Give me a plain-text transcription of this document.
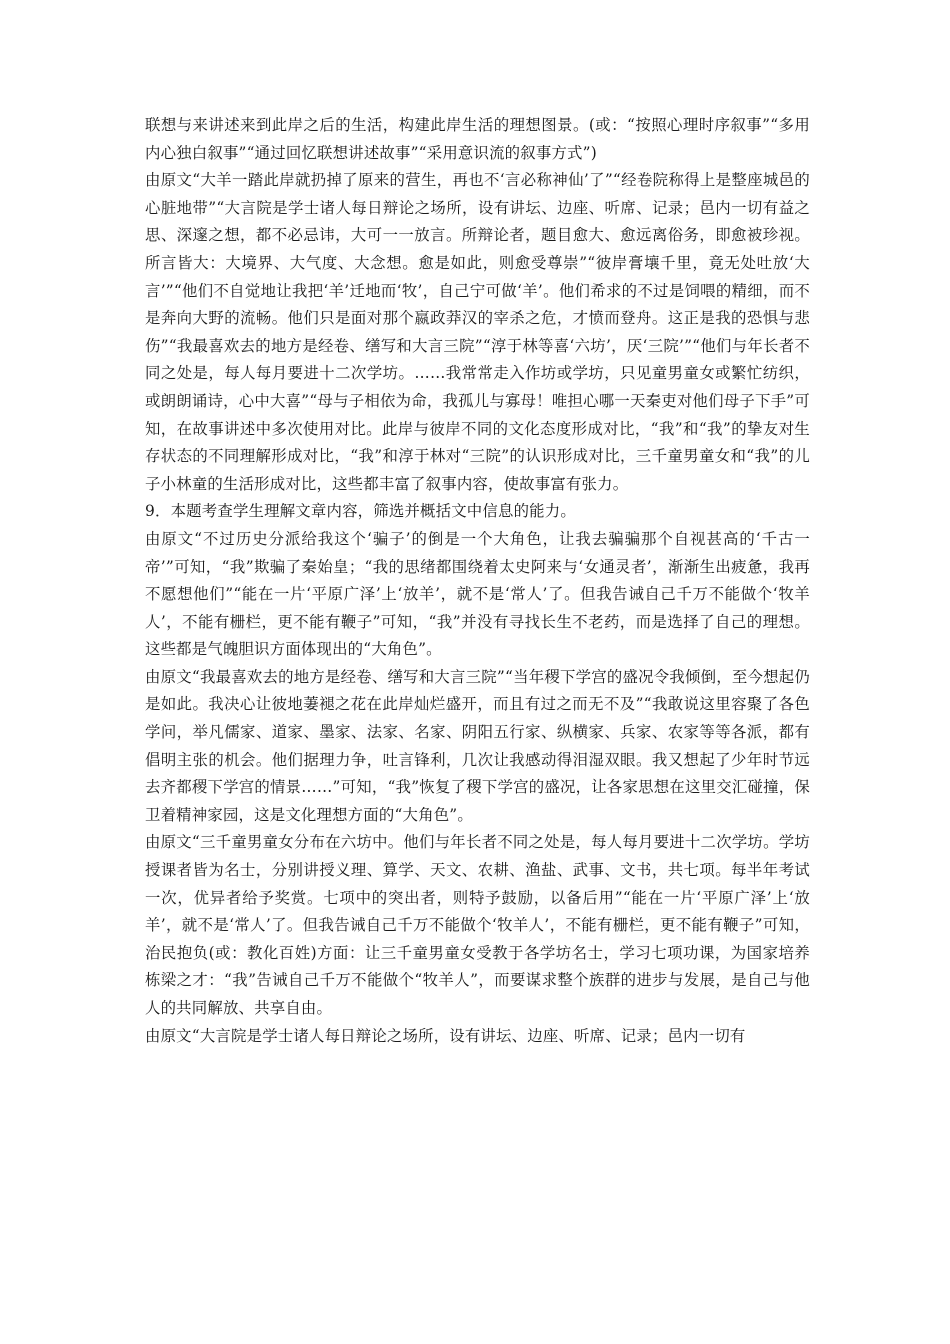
联想与来讲述来到此岸之后的生活，构建此岸生活的理想图景。(或：“按照心理时序叙事”“多用内心独白叙事”“通过回忆联想讲述故事”“采用意识流的叙事方式”)

由原文“大羊一踏此岸就扔掉了原来的营生，再也不‘言必称神仙’了”“经卷院称得上是整座城邑的心脏地带”“大言院是学士诸人每日辩论之场所，设有讲坛、边座、听席、记录；邑内一切有益之思、深邃之想，都不必忌讳，大可一一放言。所辩论者，题目愈大、愈远离俗务，即愈被珍视。所言皆大：大境界、大气度、大念想。愈是如此，则愈受尊崇”“彼岸膏壤千里，竟无处吐放‘大言’”“他们不自觉地让我把‘羊’迁地而‘牧’，自己宁可做‘羊’。他们希求的不过是饲喂的精细，而不是奔向大野的流畅。他们只是面对那个嬴政莽汉的宰杀之危，才愤而登舟。这正是我的恐惧与悲伤”“我最喜欢去的地方是经卷、缮写和大言三院”“淳于林等喜‘六坊’，厌‘三院’”“他们与年长者不同之处是，每人每月要进十二次学坊。……我常常走入作坊或学坊，只见童男童女或繁忙纺织，或朗朗诵诗，心中大喜”“母与子相依为命，我孤儿与寡母！唯担心哪一天秦吏对他们母子下手”可知，在故事讲述中多次使用对比。此岸与彼岸不同的文化态度形成对比，“我”和“我”的挚友对生存状态的不同理解形成对比，“我”和淳于林对“三院”的认识形成对比，三千童男童女和“我”的儿子小林童的生活形成对比，这些都丰富了叙事内容，使故事富有张力。

9．本题考查学生理解文章内容，筛选并概括文中信息的能力。

由原文“不过历史分派给我这个‘骗子’的倒是一个大角色，让我去骗骗那个自视甚高的‘千古一帝’”可知，“我”欺骗了秦始皇；“我的思绪都围绕着太史阿来与‘女通灵者’，渐渐生出疲惫，我再不愿想他们”“能在一片‘平原广泽’上‘放羊’，就不是‘常人’了。但我告诫自己千万不能做个‘牧羊人’，不能有栅栏，更不能有鞭子”可知，“我”并没有寻找长生不老药，而是选择了自己的理想。这些都是气魄胆识方面体现出的“大角色”。

由原文“我最喜欢去的地方是经卷、缮写和大言三院”“当年稷下学宫的盛况令我倾倒，至今想起仍是如此。我决心让彼地萋褪之花在此岸灿烂盛开，而且有过之而无不及”“我敢说这里容聚了各色学问，举凡儒家、道家、墨家、法家、名家、阴阳五行家、纵横家、兵家、农家等等各派，都有倡明主张的机会。他们据理力争，吐言锋利，几次让我感动得泪湿双眼。我又想起了少年时节远去齐都稷下学宫的情景……”可知，“我”恢复了稷下学宫的盛况，让各家思想在这里交汇碰撞，保卫着精神家园，这是文化理想方面的“大角色”。

由原文“三千童男童女分布在六坊中。他们与年长者不同之处是，每人每月要进十二次学坊。学坊授课者皆为名士，分别讲授义理、算学、天文、农耕、渔盐、武事、文书，共七项。每半年考试一次，优异者给予奖赏。七项中的突出者，则特予鼓励，以备后用”“能在一片‘平原广泽’上‘放羊’，就不是‘常人’了。但我告诫自己千万不能做个‘牧羊人’，不能有栅栏，更不能有鞭子”可知，治民抱负(或：教化百姓)方面：让三千童男童女受教于各学坊名士，学习七项功课，为国家培养栋梁之才：“我”告诫自己千万不能做个“牧羊人”，而要谋求整个族群的进步与发展，是自己与他人的共同解放、共享自由。

由原文“大言院是学士诸人每日辩论之场所，设有讲坛、边座、听席、记录；邑内一切有
